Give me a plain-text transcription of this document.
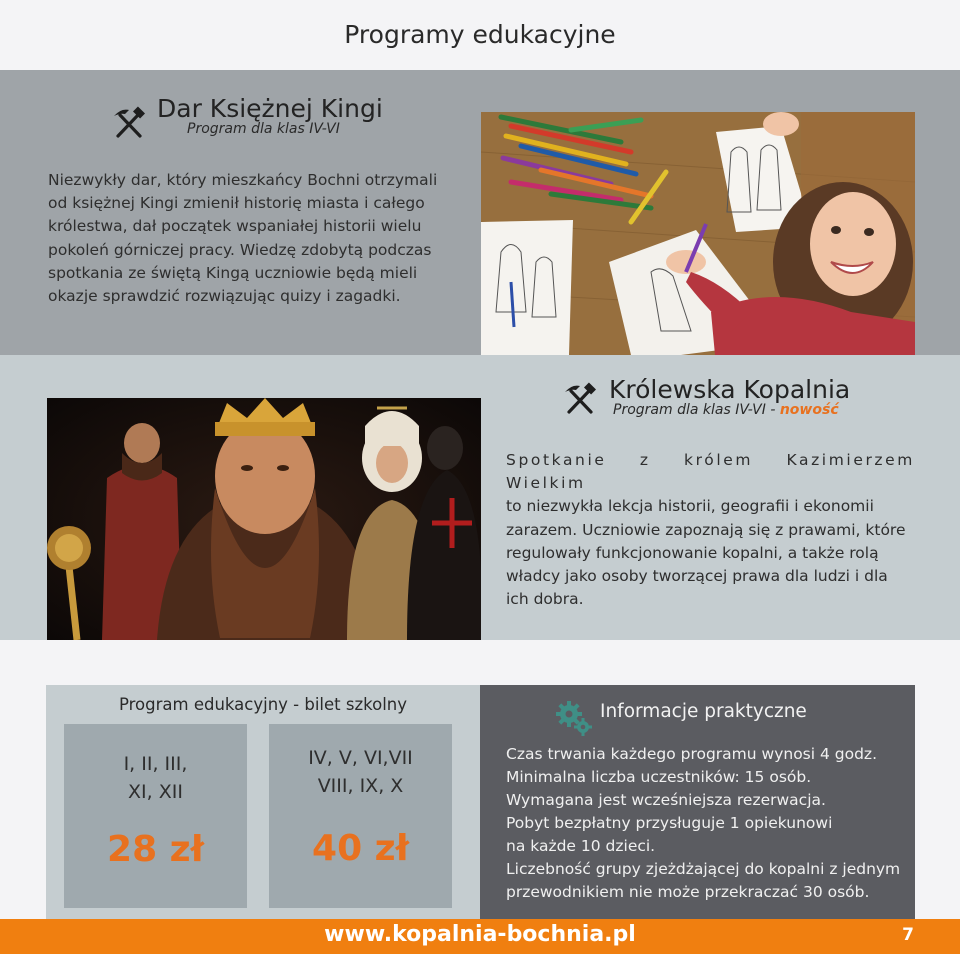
Programy edukacyjne
Dar Księżnej Kingi
Program dla klas IV-VI
Niezwykły dar, który mieszkańcy Bochni otrzymali
od księżnej Kingi zmienił historię miasta i całego
królestwa, dał początek wspaniałej historii wielu
pokoleń górniczej pracy. Wiedzę zdobytą podczas
spotkania ze świętą Kingą uczniowie będą mieli
okazje sprawdzić rozwiązując quizy i zagadki.
Królewska Kopalnia
Program dla klas IV-VI - nowość
Spotkanie z królem Kazimierzem Wielkim
to niezwykła lekcja historii, geografii i ekonomii
zarazem. Uczniowie zapoznają się z prawami, które
regulowały funkcjonowanie kopalni, a także rolą
władcy jako osoby tworzącej prawa dla ludzi i dla
ich dobra.
Program edukacyjny - bilet szkolny
I, II, III,
XI, XII
28 zł
IV, V, VI,VII
VIII, IX, X
40 zł
Informacje praktyczne
Czas trwania każdego programu wynosi 4 godz.
Minimalna liczba uczestników: 15 osób.
Wymagana jest wcześniejsza rezerwacja.
Pobyt bezpłatny przysługuje 1 opiekunowi
na każde 10 dzieci.
Liczebność grupy zjeżdżającej do kopalni z jednym
przewodnikiem nie może przekraczać 30 osób.
www.kopalnia-bochnia.pl	7
